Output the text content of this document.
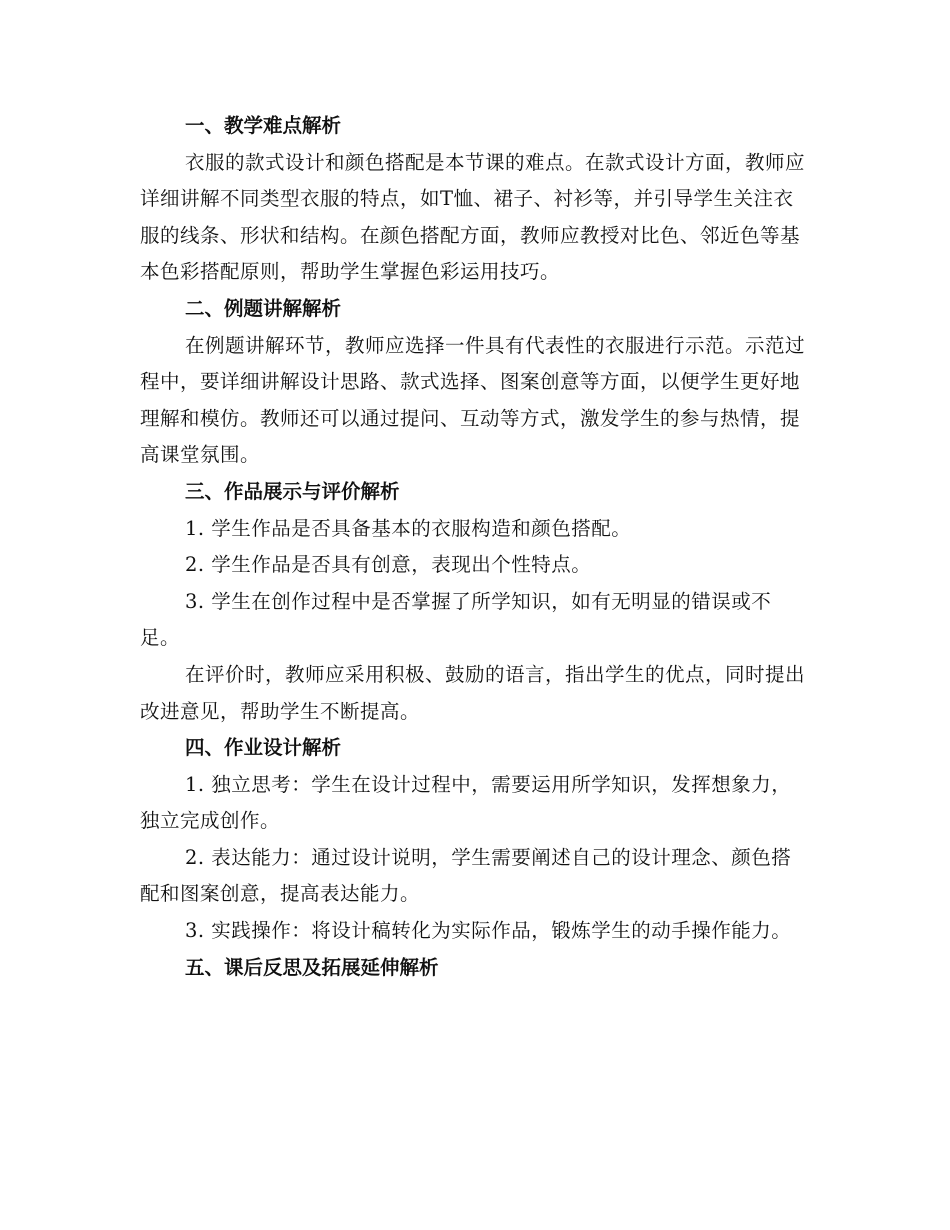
一、教学难点解析

衣服的款式设计和颜色搭配是本节课的难点。在款式设计方面，教师应详细讲解不同类型衣服的特点，如T恤、裙子、衬衫等，并引导学生关注衣服的线条、形状和结构。在颜色搭配方面，教师应教授对比色、邻近色等基本色彩搭配原则，帮助学生掌握色彩运用技巧。

二、例题讲解解析

在例题讲解环节，教师应选择一件具有代表性的衣服进行示范。示范过程中，要详细讲解设计思路、款式选择、图案创意等方面，以便学生更好地理解和模仿。教师还可以通过提问、互动等方式，激发学生的参与热情，提高课堂氛围。

三、作品展示与评价解析

1. 学生作品是否具备基本的衣服构造和颜色搭配。

2. 学生作品是否具有创意，表现出个性特点。

3. 学生在创作过程中是否掌握了所学知识，如有无明显的错误或不足。

在评价时，教师应采用积极、鼓励的语言，指出学生的优点，同时提出改进意见，帮助学生不断提高。

四、作业设计解析

1. 独立思考：学生在设计过程中，需要运用所学知识，发挥想象力，独立完成创作。

2. 表达能力：通过设计说明，学生需要阐述自己的设计理念、颜色搭配和图案创意，提高表达能力。

3. 实践操作：将设计稿转化为实际作品，锻炼学生的动手操作能力。

五、课后反思及拓展延伸解析
